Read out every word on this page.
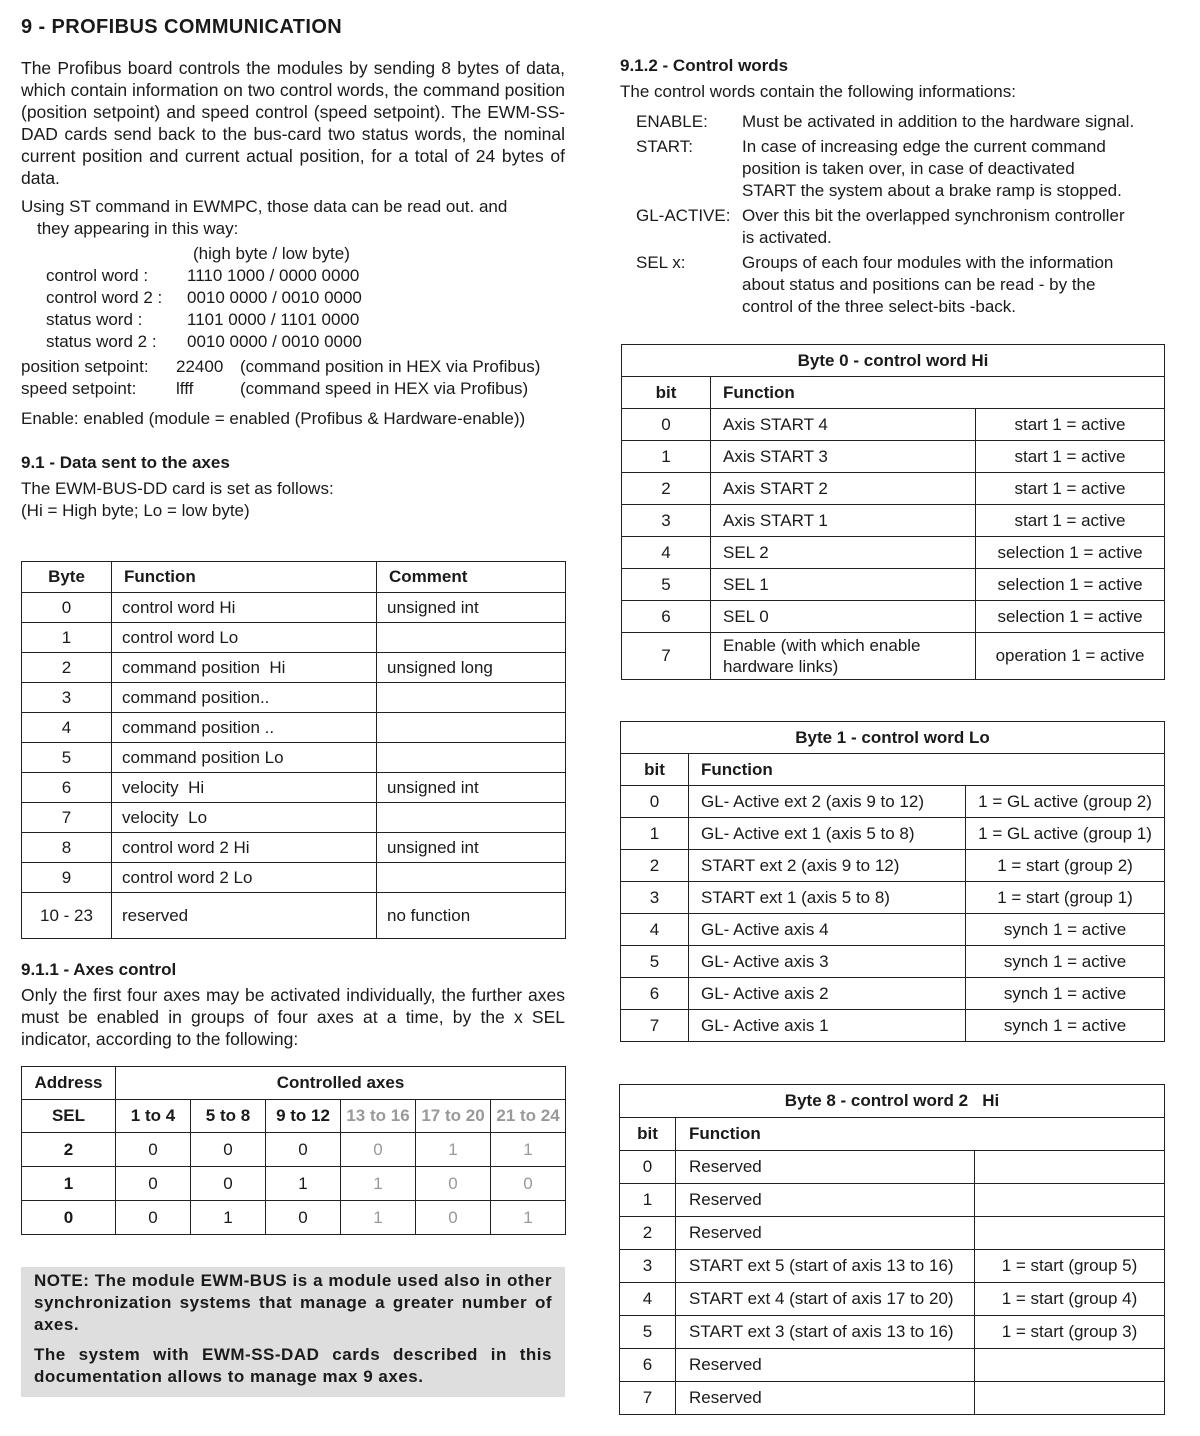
9 - PROFIBUS COMMUNICATION

The Profibus board controls the modules by sending 8 bytes of data, which contain information on two control words, the command position (position setpoint) and speed control (speed setpoint). The EWM-SS-DAD cards send back to the bus-card two status words, the nominal current position and current actual position, for a total of 24 bytes of data.

Using ST command in EWMPC, those data can be read out. and
they appearing in this way:
(high byte / low byte)
control word : 1110 1000 / 0000 0000
control word 2 : 0010 0000 / 0010 0000
status word :	1101 0000 / 1101 0000
status word 2 : 0010 0000 / 0010 0000
position setpoint: 22400 (command position in HEX via Profibus)
speed setpoint: lfff	(command speed in HEX via Profibus)
Enable: enabled (module = enabled (Profibus & Hardware-enable))
9.1 - Data sent to the axes
The EWM-BUS-DD card is set as follows:
(Hi = High byte; Lo = low byte)
Byte	Function	Comment
0	control word Hi	unsigned int
1	control word Lo	
2	command position  Hi	unsigned long
3	command position..	
4	command position ..	
5	command position Lo	
6	velocity  Hi	unsigned int
7	velocity  Lo	
8	control word 2 Hi	unsigned int
9	control word 2 Lo	
10 - 23	reserved	no function
9.1.1 - Axes control
Only the first four axes may be activated individually, the further axes must be enabled in groups of four axes at a time, by the x SEL indicator, according to the following:
Address	Controlled axes					
SEL	1 to 4	5 to 8	9 to 12	13 to 16	17 to 20	21 to 24
2	0	0	0	0	1	1
1	0	0	1	1	0	0
0	0	1	0	1	0	1

NOTE: The module EWM-BUS is a module used also in other synchronization systems that manage a greater number of axes.

The system with EWM-SS-DAD cards described in this documentation allows to manage max 9 axes.

9.1.2 - Control words
The control words contain the following informations:
ENABLE: Must be activated in addition to the hardware signal.
START:	In case of increasing edge the current command
position is taken over, in case of deactivated
START the system about a brake ramp is stopped.
GL-ACTIVE: Over this bit the overlapped synchronism controller
is activated.
SEL x:	Groups of each four modules with the information
about status and positions can be read - by the
control of the three select-bits -back.
Byte 0 - control word Hi		
bit	Function	
0	Axis START 4	start 1 = active
1	Axis START 3	start 1 = active
2	Axis START 2	start 1 = active
3	Axis START 1	start 1 = active
4	SEL 2	selection 1 = active
5	SEL 1	selection 1 = active
6	SEL 0	selection 1 = active
7	Enable (with which enable hardware links)	operation 1 = active
Byte 1 - control word Lo		
bit	Function	
0	GL- Active ext 2 (axis 9 to 12)	1 = GL active (group 2)
1	GL- Active ext 1 (axis 5 to 8)	1 = GL active (group 1)
2	START ext 2 (axis 9 to 12)	1 = start (group 2)
3	START ext 1 (axis 5 to 8)	1 = start (group 1)
4	GL- Active axis 4	synch 1 = active
5	GL- Active axis 3	synch 1 = active
6	GL- Active axis 2	synch 1 = active
7	GL- Active axis 1	synch 1 = active
Byte 8 - control word 2   Hi		
bit	Function	
0	Reserved	
1	Reserved	
2	Reserved	
3	START ext 5 (start of axis 13 to 16)	1 = start (group 5)
4	START ext 4 (start of axis 17 to 20)	1 = start (group 4)
5	START ext 3 (start of axis 13 to 16)	1 = start (group 3)
6	Reserved	
7	Reserved	
